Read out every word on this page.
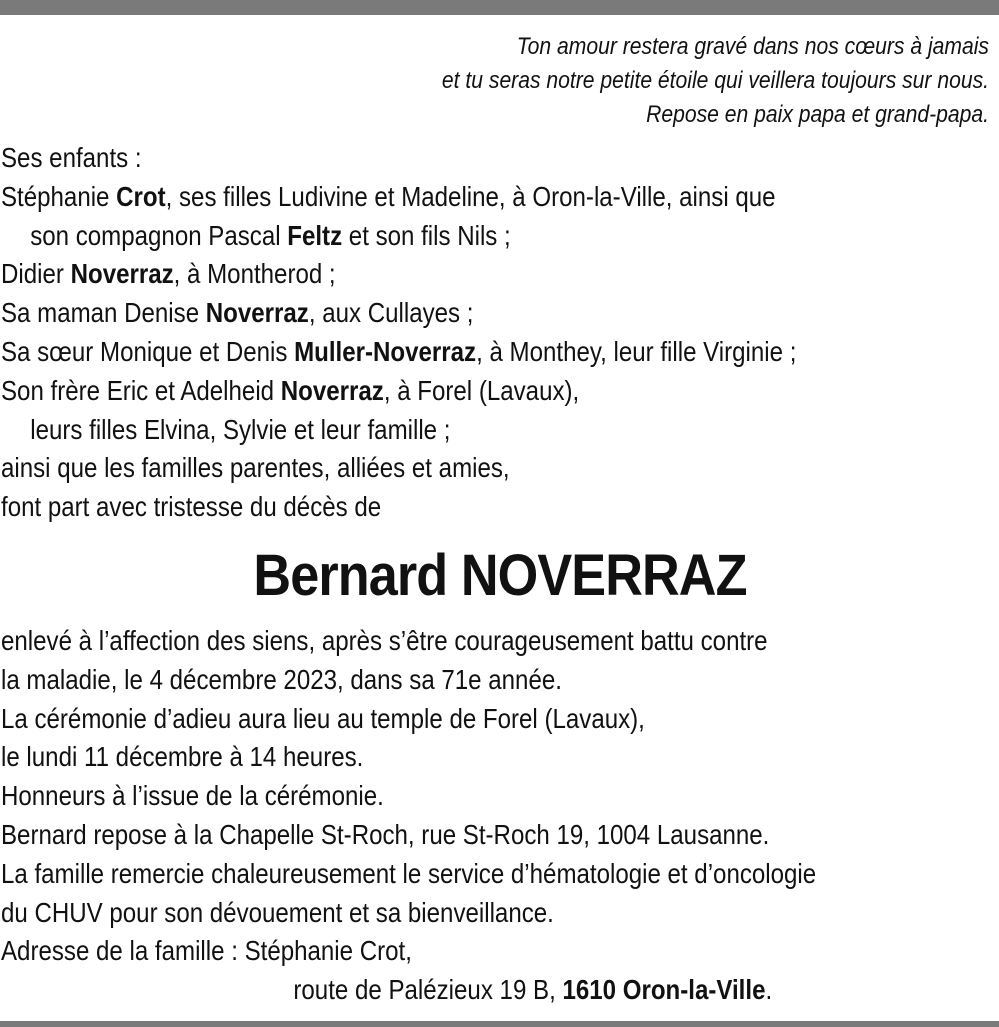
Ton amour restera gravé dans nos cœurs à jamais
et tu seras notre petite étoile qui veillera toujours sur nous.
Repose en paix papa et grand-papa.
Ses enfants :
Stéphanie Crot, ses filles Ludivine et Madeline, à Oron-la-Ville, ainsi que
son compagnon Pascal Feltz et son fils Nils ;
Didier Noverraz, à Montherod ;
Sa maman Denise Noverraz, aux Cullayes ;
Sa sœur Monique et Denis Muller-Noverraz, à Monthey, leur fille Virginie ;
Son frère Eric et Adelheid Noverraz, à Forel (Lavaux),
leurs filles Elvina, Sylvie et leur famille ;
ainsi que les familles parentes, alliées et amies,
font part avec tristesse du décès de
Bernard NOVERRAZ
enlevé à l’affection des siens, après s’être courageusement battu contre
la maladie, le 4 décembre 2023, dans sa 71e année.
La cérémonie d’adieu aura lieu au temple de Forel (Lavaux),
le lundi 11 décembre à 14 heures.
Honneurs à l’issue de la cérémonie.
Bernard repose à la Chapelle St-Roch, rue St-Roch 19, 1004 Lausanne.
La famille remercie chaleureusement le service d’hématologie et d’oncologie
du CHUV pour son dévouement et sa bienveillance.
Adresse de la famille : Stéphanie Crot,
route de Palézieux 19 B, 1610 Oron-la-Ville.
